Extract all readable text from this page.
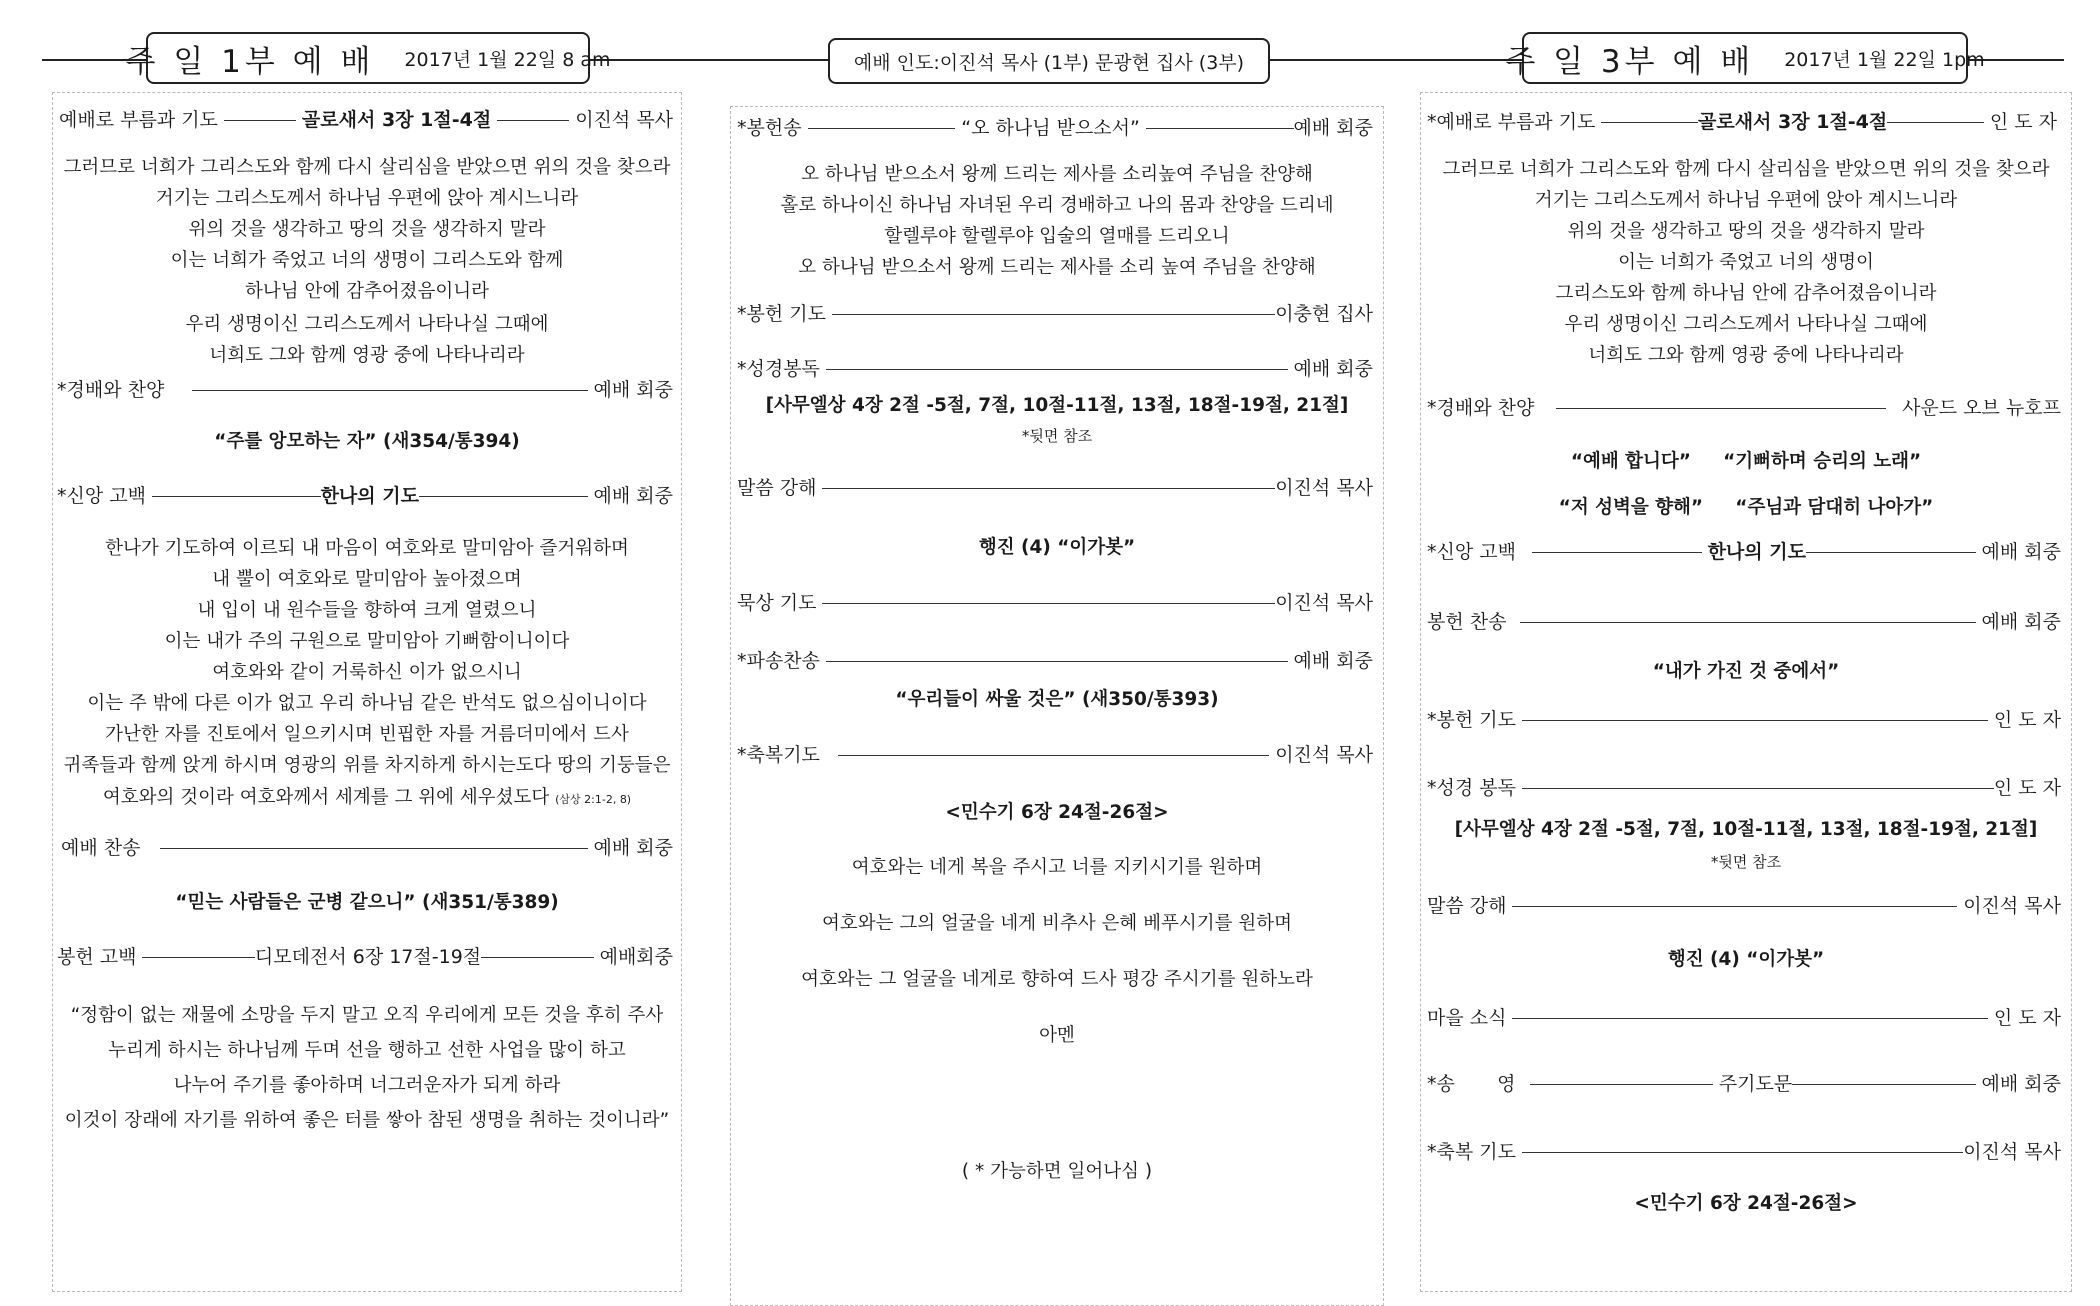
주 일 1부 예 배 2017년 1월 22일 8 am	예배 인도: 이진석 목사 (1부) 문광현 집사 (3부)	주 일 3부 예 배 2017년 1월 22일 1pm
예배로 부름과 기도	골로새서 3장 1절-4절	이진석 목사
그러므로 너희가 그리스도와 함께 다시 살리심을 받았으면 위의 것을 찾으라
거기는 그리스도께서 하나님 우편에 앉아 계시느니라
위의 것을 생각하고 땅의 것을 생각하지 말라
이는 너희가 죽었고 너의 생명이 그리스도와 함께
하나님 안에 감추어졌음이니라
우리 생명이신 그리스도께서 나타나실 그때에
너희도 그와 함께 영광 중에 나타나리라
*경배와 찬양	예배 회중
“주를 앙모하는 자” (새354/통394)
*신앙 고백	한나의 기도	예배 회중
한나가 기도하여 이르되 내 마음이 여호와로 말미암아 즐거워하며
내 뿔이 여호와로 말미암아 높아졌으며
내 입이 내 원수들을 향하여 크게 열렸으니
이는 내가 주의 구원으로 말미암아 기뻐함이니이다
여호와와 같이 거룩하신 이가 없으시니
이는 주 밖에 다른 이가 없고 우리 하나님 같은 반석도 없으심이니이다
가난한 자를 진토에서 일으키시며 빈핍한 자를 거름더미에서 드사
귀족들과 함께 앉게 하시며 영광의 위를 차지하게 하시는도다 땅의 기둥들은
여호와의 것이라 여호와께서 세계를 그 위에 세우셨도다 (삼상 2:1-2, 8)
예배 찬송	예배 회중
“믿는 사람들은 군병 같으니” (새351/통389)
봉헌 고백	디모데전서 6장 17절-19절	예배회중
“정함이 없는 재물에 소망을 두지 말고 오직 우리에게 모든 것을 후히 주사
누리게 하시는 하나님께 두며 선을 행하고 선한 사업을 많이 하고
나누어 주기를 좋아하며 너그러운자가 되게 하라
이것이 장래에 자기를 위하여 좋은 터를 쌓아 참된 생명을 취하는 것이니라”
*봉헌송	“오 하나님 받으소서”	예배 회중
오 하나님 받으소서 왕께 드리는 제사를 소리높여 주님을 찬양해
홀로 하나이신 하나님 자녀된 우리 경배하고 나의 몸과 찬양을 드리네
할렐루야 할렐루야 입술의 열매를 드리오니
오 하나님 받으소서 왕께 드리는 제사를 소리 높여 주님을 찬양해
*봉헌 기도	이충현 집사
*성경봉독	예배 회중
[사무엘상 4장 2절 -5절, 7절, 10절-11절, 13절, 18절-19절, 21절]
*뒷면 참조
말씀 강해	이진석 목사
행진 (4) “이가봇”
묵상 기도	이진석 목사
*파송찬송	예배 회중
“우리들이 싸울 것은” (새350/통393)
*축복기도	이진석 목사
<민수기 6장 24절-26절>
여호와는 네게 복을 주시고 너를 지키시기를 원하며
여호와는 그의 얼굴을 네게 비추사 은혜 베푸시기를 원하며
여호와는 그 얼굴을 네게로 향하여 드사 평강 주시기를 원하노라
아멘
( * 가능하면 일어나심 )
*예배로 부름과 기도	골로새서 3장 1절-4절	인 도 자
그러므로 너희가 그리스도와 함께 다시 살리심을 받았으면 위의 것을 찾으라
거기는 그리스도께서 하나님 우편에 앉아 계시느니라
위의 것을 생각하고 땅의 것을 생각하지 말라
이는 너희가 죽었고 너의 생명이
그리스도와 함께 하나님 안에 감추어졌음이니라
우리 생명이신 그리스도께서 나타나실 그때에
너희도 그와 함께 영광 중에 나타나리라
*경배와 찬양	사운드 오브 뉴호프
“예배 합니다”     “기뻐하며 승리의 노래”
“저 성벽을 향해”     “주님과 담대히 나아가”
*신앙 고백	한나의 기도	예배 회중
봉헌 찬송	예배 회중
“내가 가진 것 중에서”
*봉헌 기도	인 도 자
*성경 봉독	인 도 자
[사무엘상 4장 2절 -5절, 7절, 10절-11절, 13절, 18절-19절, 21절]
*뒷면 참조
말씀 강해	이진석 목사
행진 (4) “이가봇”
마을 소식	인 도 자
*송       영	주기도문	예배 회중
*축복 기도	이진석 목사
<민수기 6장 24절-26절>
